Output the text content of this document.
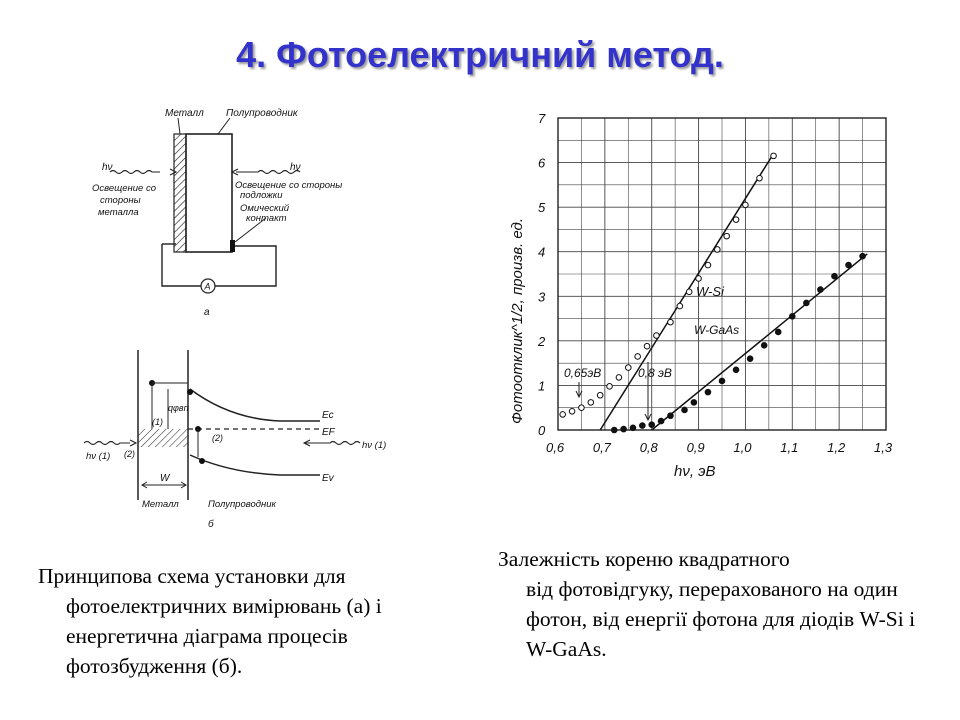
4. Фотоелектричний метод.
A
Металл Полупроводник
hν	hν
Освещение со
стороны
металла
Освещение со стороны
подложки
Омический
контакт
а
qφвп
Ec
EF
Ev
(1)
(2)
(2)
hν (1)
hν (1)
W
Металл	Полупроводник
б
0,6 0,7 0,8 0,9 1,0 1,1 1,2 1,3
0
1
2
3
4
5
6
7
Фотоотклик^1/2, произв. ед.
hν, эВ
W-Si
W-GaAs
0,65эВ	0,8 эВ
Принципова схема установки для
фотоелектричних вимірювань (а) і енергетична діаграма процесів фотозбудження (б).
Залежність кореню квадратного
від фотовідгуку, перерахованого на один фотон, від енергії фотона для діодів W-Si і W-GaAs.
